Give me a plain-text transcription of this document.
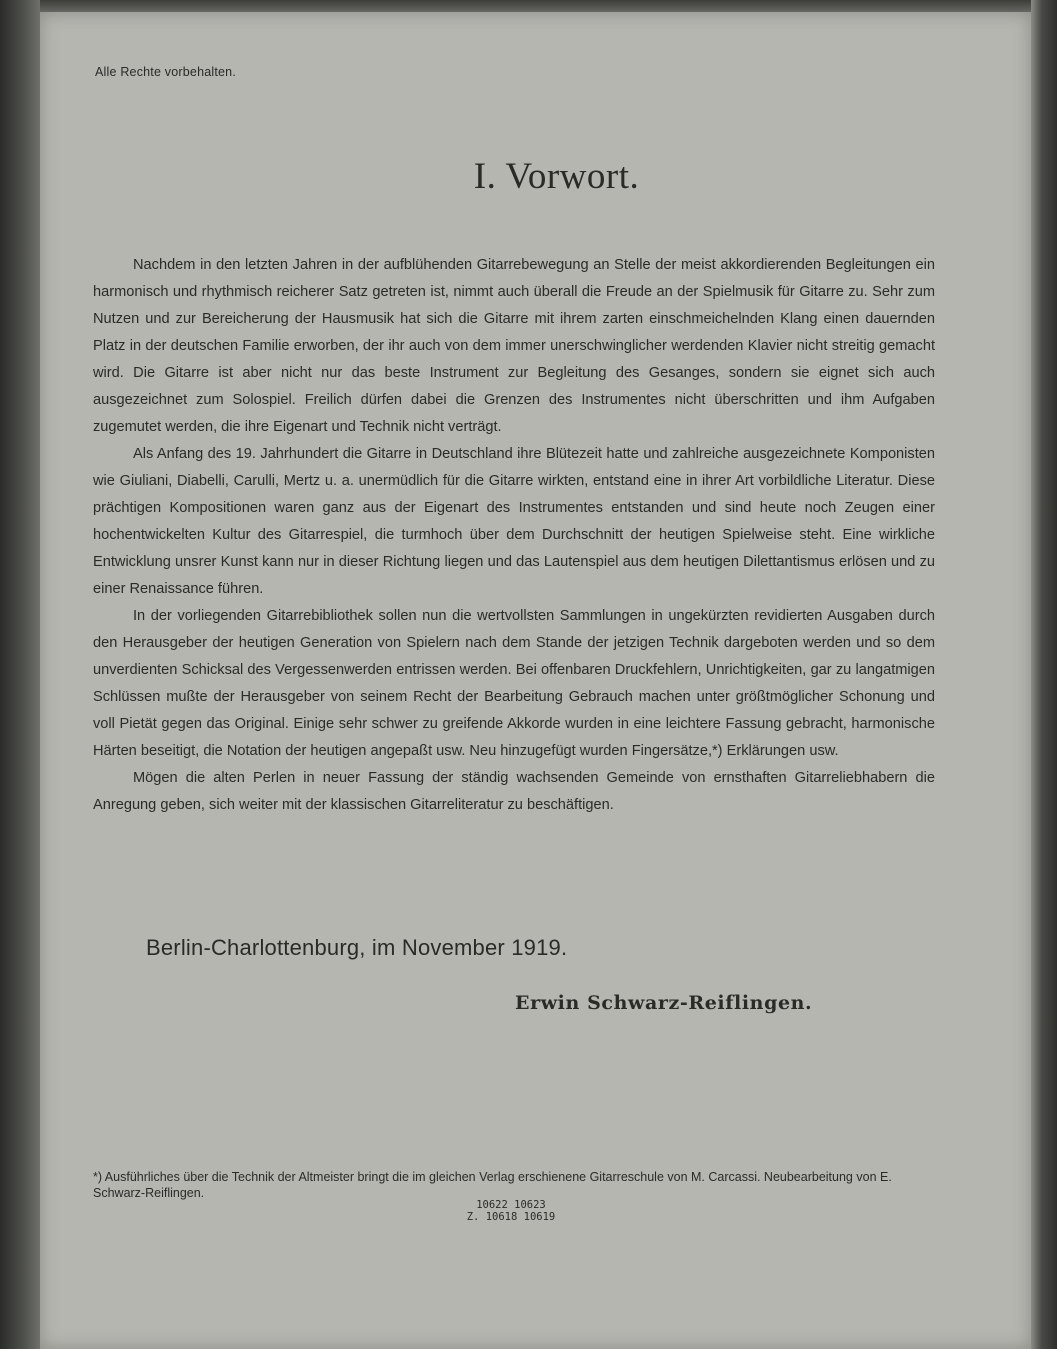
Alle Rechte vorbehalten.
I. Vorwort.

Nachdem in den letzten Jahren in der aufblühenden Gitarrebewegung an Stelle der meist akkordierenden Begleitungen ein harmonisch und rhythmisch reicherer Satz getreten ist, nimmt auch überall die Freude an der Spielmusik für Gitarre zu. Sehr zum Nutzen und zur Bereicherung der Hausmusik hat sich die Gitarre mit ihrem zarten einschmeichelnden Klang einen dauernden Platz in der deutschen Familie erworben, der ihr auch von dem immer unerschwinglicher werdenden Klavier nicht streitig gemacht wird. Die Gitarre ist aber nicht nur das beste Instrument zur Begleitung des Gesanges, sondern sie eignet sich auch ausgezeichnet zum Solospiel. Freilich dürfen dabei die Grenzen des Instrumentes nicht überschritten und ihm Aufgaben zugemutet werden, die ihre Eigenart und Technik nicht verträgt.

Als Anfang des 19. Jahrhundert die Gitarre in Deutschland ihre Blütezeit hatte und zahlreiche ausgezeichnete Komponisten wie Giuliani, Diabelli, Carulli, Mertz u. a. unermüdlich für die Gitarre wirkten, entstand eine in ihrer Art vorbildliche Literatur. Diese prächtigen Kompositionen waren ganz aus der Eigenart des Instrumentes entstanden und sind heute noch Zeugen einer hochentwickelten Kultur des Gitarrespiel, die turmhoch über dem Durchschnitt der heutigen Spielweise steht. Eine wirkliche Entwicklung unsrer Kunst kann nur in dieser Richtung liegen und das Lautenspiel aus dem heutigen Dilettantismus erlösen und zu einer Renaissance führen.

In der vorliegenden Gitarrebibliothek sollen nun die wertvollsten Sammlungen in ungekürzten revidierten Ausgaben durch den Herausgeber der heutigen Generation von Spielern nach dem Stande der jetzigen Technik dargeboten werden und so dem unverdienten Schicksal des Vergessenwerden entrissen werden. Bei offenbaren Druckfehlern, Unrichtigkeiten, gar zu langatmigen Schlüssen mußte der Herausgeber von seinem Recht der Bearbeitung Gebrauch machen unter größtmöglicher Schonung und voll Pietät gegen das Original. Einige sehr schwer zu greifende Akkorde wurden in eine leichtere Fassung gebracht, harmonische Härten beseitigt, die Notation der heutigen angepaßt usw. Neu hinzugefügt wurden Fingersätze,*) Erklärungen usw.

Mögen die alten Perlen in neuer Fassung der ständig wachsenden Gemeinde von ernsthaften Gitarreliebhabern die Anregung geben, sich weiter mit der klassischen Gitarreliteratur zu beschäftigen.

Berlin-Charlottenburg, im November 1919.
Erwin Schwarz-Reiflingen.
*) Ausführliches über die Technik der Altmeister bringt die im gleichen Verlag erschienene Gitarreschule von M. Carcassi. Neubearbeitung von E. Schwarz-Reiflingen.
10622 10623
Z. 10618 10619
